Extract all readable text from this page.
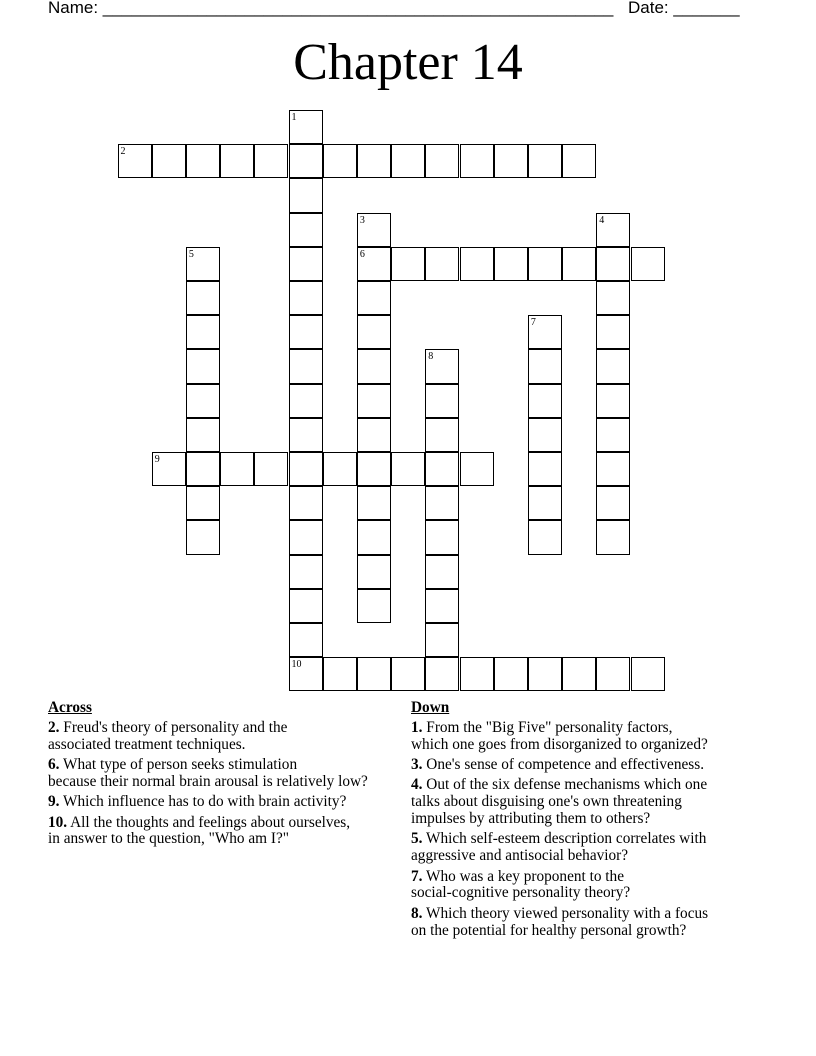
Name: ______________________________________________________

Date: _______

Chapter 14
2
6
9
10
1
3	4
5
7
8
Across
2. Freud's theory of personality and the
associated treatment techniques.
6. What type of person seeks stimulation
because their normal brain arousal is relatively low?
9. Which influence has to do with brain activity?
10. All the thoughts and feelings about ourselves,
in answer to the question, "Who am I?"
Down
1. From the "Big Five" personality factors,
which one goes from disorganized to organized?
3. One's sense of competence and effectiveness.
4. Out of the six defense mechanisms which one
talks about disguising one's own threatening
impulses by attributing them to others?
5. Which self-esteem description correlates with
aggressive and antisocial behavior?
7. Who was a key proponent to the
social-cognitive personality theory?
8. Which theory viewed personality with a focus
on the potential for healthy personal growth?
